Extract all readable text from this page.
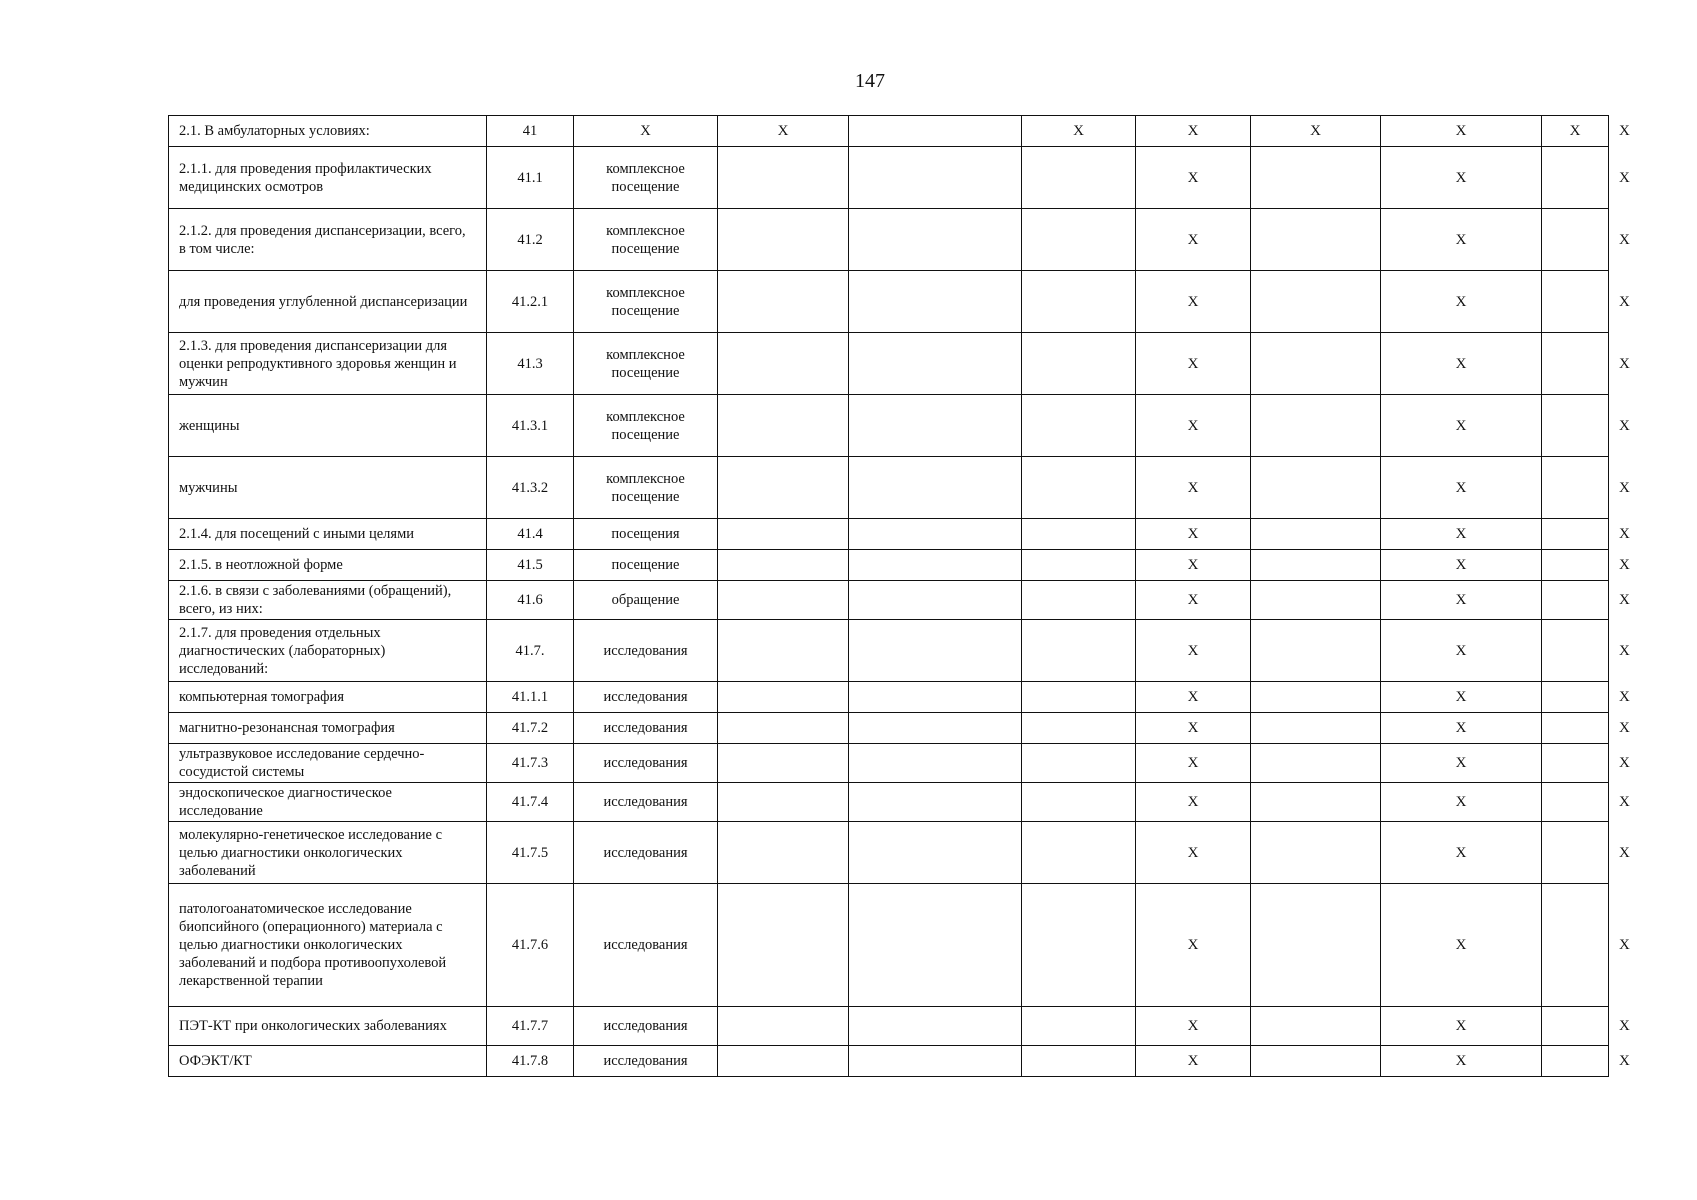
147
2.1. В амбулаторных условиях:	41	Х	Х		Х	Х	Х	Х	Х	Х
2.1.1. для проведения профилактических медицинских осмотров	41.1	комплексное посещение				Х		Х		Х
2.1.2. для проведения диспансеризации, всего, в том числе:	41.2	комплексное посещение				Х		Х		Х
для проведения углубленной диспансеризации	41.2.1	комплексное посещение				Х		Х		Х
2.1.3. для проведения диспансеризации для оценки репродуктивного здоровья женщин и мужчин	41.3	комплексное посещение				Х		Х		Х
женщины	41.3.1	комплексное посещение				Х		Х		Х
мужчины	41.3.2	комплексное посещение				Х		Х		Х
2.1.4. для посещений с иными целями	41.4	посещения				Х		Х		Х
2.1.5. в неотложной форме	41.5	посещение				Х		Х		Х
2.1.6. в связи с заболеваниями (обращений), всего, из них:	41.6	обращение				Х		Х		Х
2.1.7. для проведения отдельных диагностических (лабораторных) исследований:	41.7.	исследования				Х		Х		Х
компьютерная томография	41.1.1	исследования				Х		Х		Х
магнитно-резонансная томография	41.7.2	исследования				Х		Х		Х
ультразвуковое исследование сердечно-сосудистой системы	41.7.3	исследования				Х		Х		Х
эндоскопическое диагностическое исследование	41.7.4	исследования				Х		Х		Х
молекулярно-генетическое исследование с целью диагностики онкологических заболеваний	41.7.5	исследования				Х		Х		Х
патологоанатомическое исследование биопсийного (операционного) материала с целью диагностики онкологических заболеваний и подбора противоопухолевой лекарственной терапии	41.7.6	исследования				Х		Х		Х
ПЭТ-КТ при онкологических заболеваниях	41.7.7	исследования				Х		Х		Х
ОФЭКТ/КТ	41.7.8	исследования				Х		Х		Х
